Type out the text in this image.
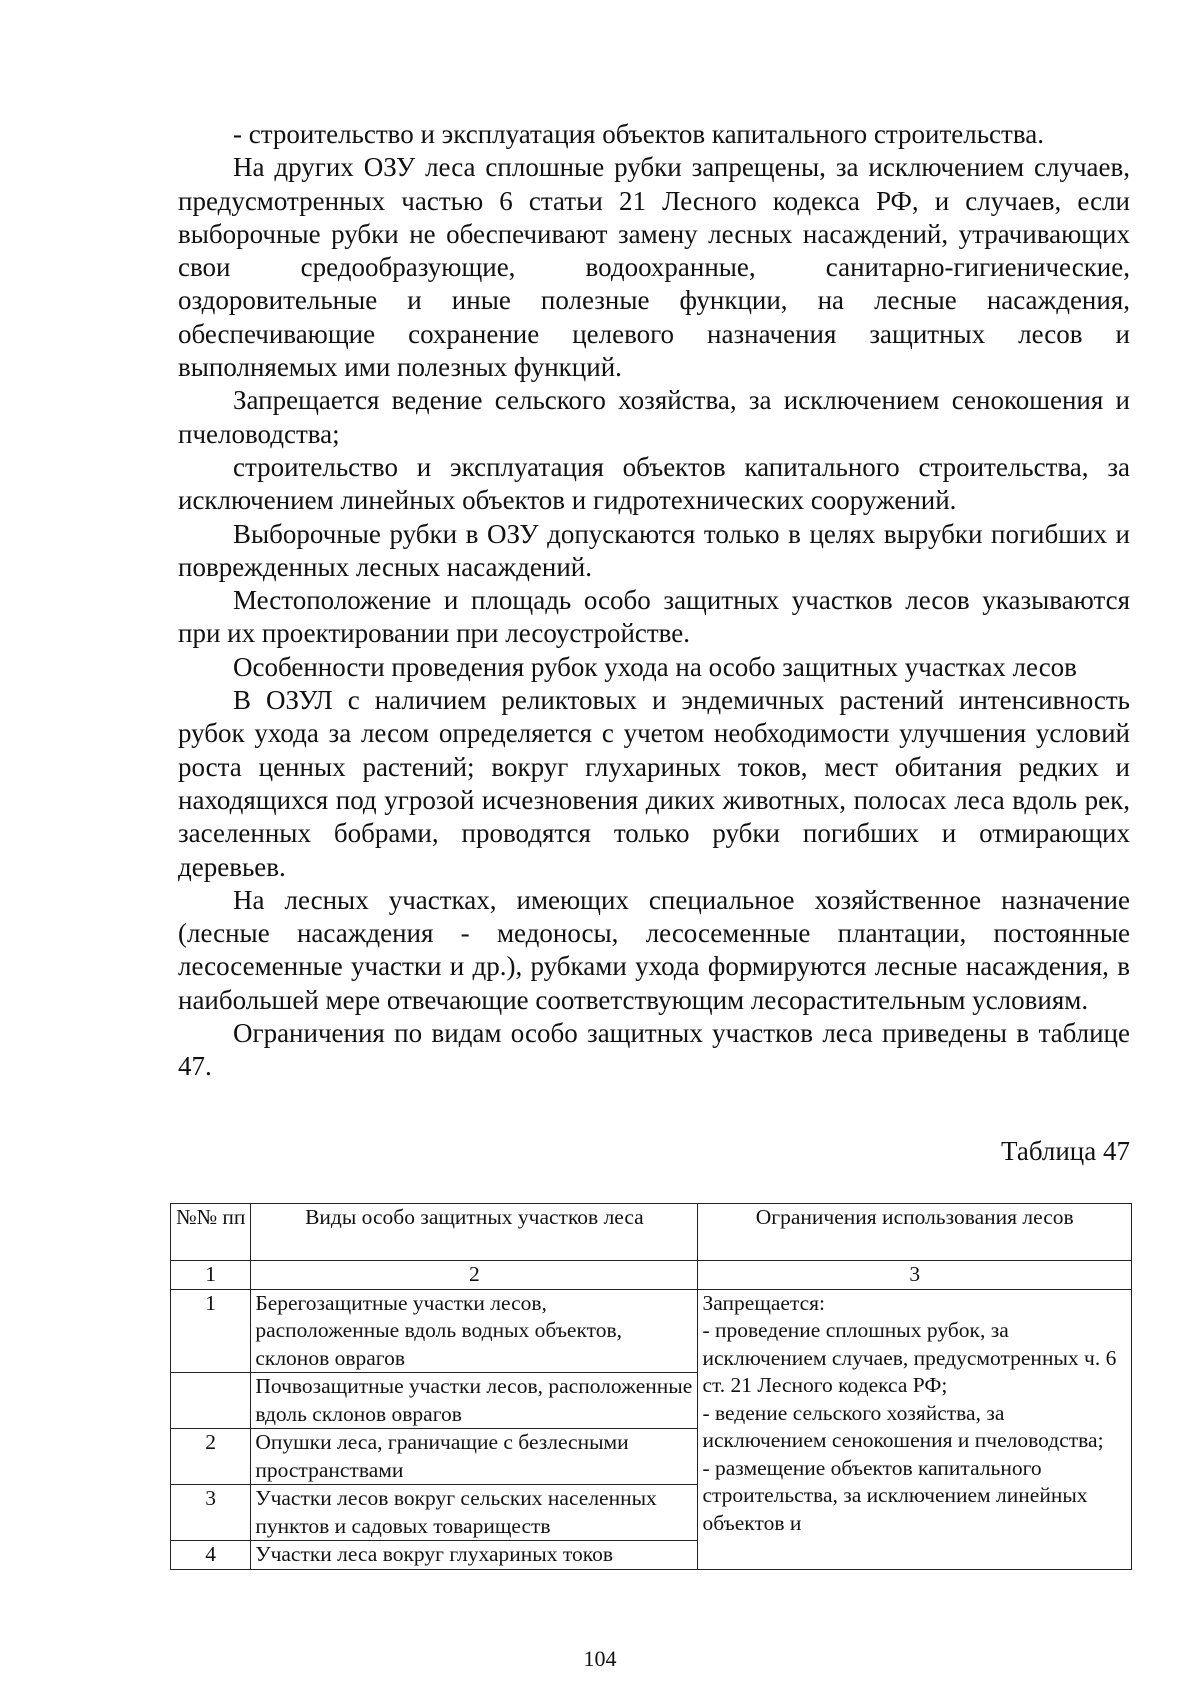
- строительство и эксплуатация объектов капитального строительства.

На других ОЗУ леса сплошные рубки запрещены, за исключением случаев, предусмотренных частью 6 статьи 21 Лесного кодекса РФ, и случаев, если выборочные рубки не обеспечивают замену лесных насаждений, утрачивающих свои средообразующие, водоохранные, санитарно-гигиенические, оздоровительные и иные полезные функции, на лесные насаждения, обеспечивающие сохранение целевого назначения защитных лесов и выполняемых ими полезных функций.

Запрещается ведение сельского хозяйства, за исключением сенокошения и пчеловодства;

строительство и эксплуатация объектов капитального строительства, за исключением линейных объектов и гидротехнических сооружений.

Выборочные рубки в ОЗУ допускаются только в целях вырубки погибших и поврежденных лесных насаждений.

Местоположение и площадь особо защитных участков лесов указываются при их проектировании при лесоустройстве.

Особенности проведения рубок ухода на особо защитных участках лесов

В ОЗУЛ с наличием реликтовых и эндемичных растений интенсивность рубок ухода за лесом определяется с учетом необходимости улучшения условий роста ценных растений; вокруг глухариных токов, мест обитания редких и находящихся под угрозой исчезновения диких животных, полосах леса вдоль рек, заселенных бобрами, проводятся только рубки погибших и отмирающих деревьев.

На лесных участках, имеющих специальное хозяйственное назначение (лесные насаждения - медоносы, лесосеменные плантации, постоянные лесосеменные участки и др.), рубками ухода формируются лесные насаждения, в наибольшей мере отвечающие соответствующим лесорастительным условиям.

Ограничения по видам особо защитных участков леса приведены в таблице 47.

Таблица 47
№№ пп	Виды особо защитных участков леса	Ограничения использования лесов
1	2	3
1	Берегозащитные участки лесов, расположенные вдоль водных объектов, склонов оврагов	Запрещается:
- проведение сплошных рубок, за исключением случаев, предусмотренных ч. 6 ст. 21 Лесного кодекса РФ;
- ведение сельского хозяйства, за исключением сенокошения и пчеловодства;
- размещение объектов капитального строительства, за исключением линейных объектов и

	Почвозащитные участки лесов, расположенные вдоль склонов оврагов	
2	Опушки леса, граничащие с безлесными пространствами	
3	Участки лесов вокруг сельских населенных пунктов и садовых товариществ	
4	Участки леса вокруг глухариных токов	
104
